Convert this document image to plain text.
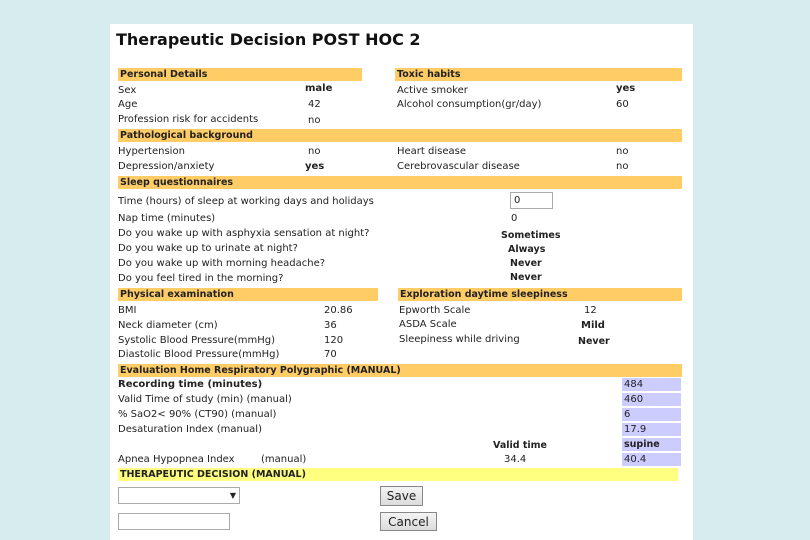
Therapeutic Decision POST HOC 2
Personal Details	Toxic habits
Sex	male
Age	42
Profession risk for accidents	no
Active smoker	yes
Alcohol consumption(gr/day)	60
Pathological background
Hypertension	no
Depression/anxiety	yes
Heart disease	no
Cerebrovascular disease	no
Sleep questionnaires
Time (hours) of sleep at working days and holidays	0
Nap time (minutes)	0
Do you wake up with asphyxia sensation at night?	Sometimes
Do you wake up to urinate at night?	Always
Do you wake up with morning headache?	Never
Do you feel tired in the morning?	Never
Physical examination	Exploration daytime sleepiness
BMI	20.86
Neck diameter (cm)	36
Systolic Blood Pressure(mmHg)	120
Diastolic Blood Pressure(mmHg)	70
Epworth Scale	12
ASDA Scale	Mild
Sleepiness while driving	Never
Evaluation Home Respiratory Polygraphic (MANUAL)
Recording time (minutes)	484
Valid Time of study (min) (manual)	460
% SaO2< 90% (CT90) (manual)	6
Desaturation Index (manual)	17.9
Valid time	supine
Apnea Hypopnea Index	(manual)	34.4	40.4
THERAPEUTIC DECISION (MANUAL)
▼	Save
Cancel
